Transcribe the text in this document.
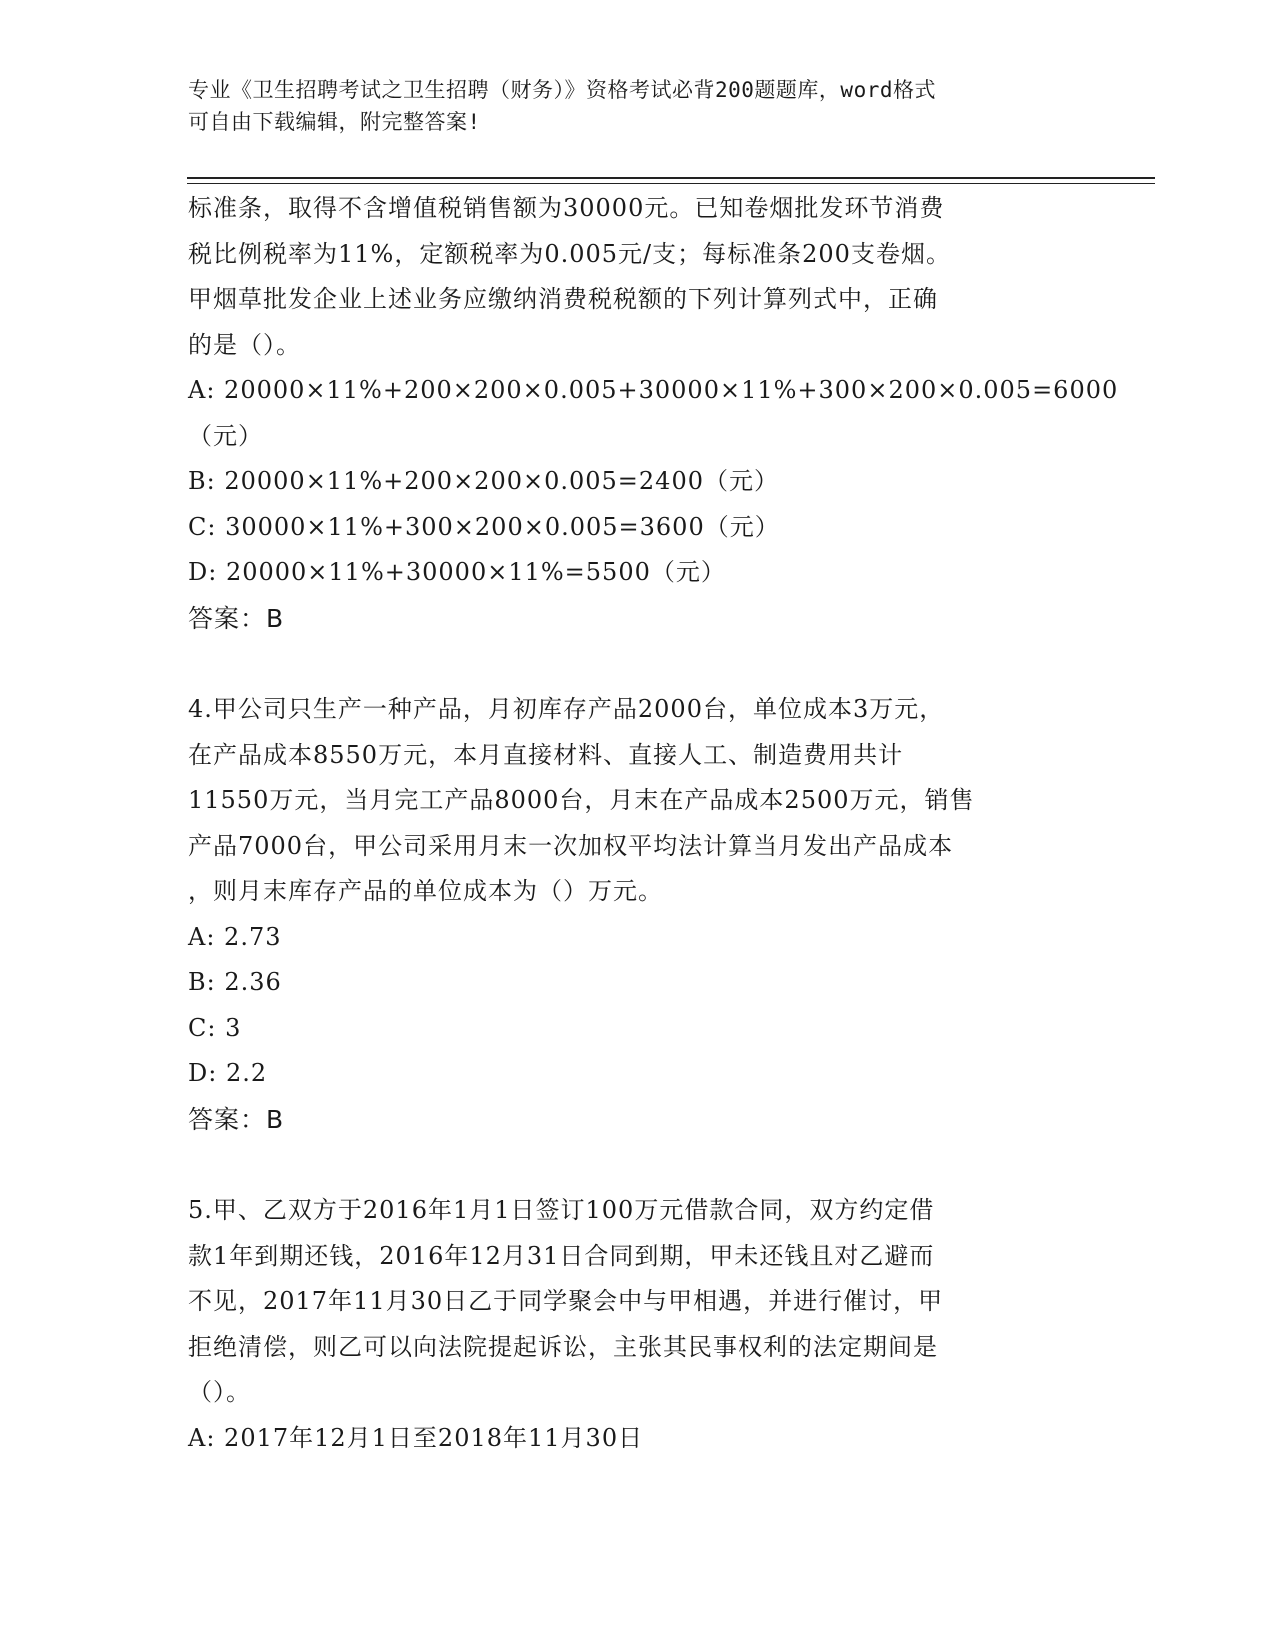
专业《卫生招聘考试之卫生招聘（财务）》资格考试必背200题题库，word格式
可自由下载编辑，附完整答案!
标准条，取得不含增值税销售额为30000元。已知卷烟批发环节消费
税比例税率为11%，定额税率为0.005元/支；每标准条200支卷烟。
甲烟草批发企业上述业务应缴纳消费税税额的下列计算列式中，正确
的是（）。
A: 20000×11%+200×200×0.005+30000×11%+300×200×0.005=6000
（元）
B: 20000×11%+200×200×0.005=2400（元）
C: 30000×11%+300×200×0.005=3600（元）
D: 20000×11%+30000×11%=5500（元）
答案：B
4.甲公司只生产一种产品，月初库存产品2000台，单位成本3万元，
在产品成本8550万元，本月直接材料、直接人工、制造费用共计
11550万元，当月完工产品8000台，月末在产品成本2500万元，销售
产品7000台，甲公司采用月末一次加权平均法计算当月发出产品成本
，则月末库存产品的单位成本为（）万元。
A: 2.73
B: 2.36
C: 3
D: 2.2
答案：B
5.甲、乙双方于2016年1月1日签订100万元借款合同，双方约定借
款1年到期还钱，2016年12月31日合同到期，甲未还钱且对乙避而
不见，2017年11月30日乙于同学聚会中与甲相遇，并进行催讨，甲
拒绝清偿，则乙可以向法院提起诉讼，主张其民事权利的法定期间是
（）。
A: 2017年12月1日至2018年11月30日
